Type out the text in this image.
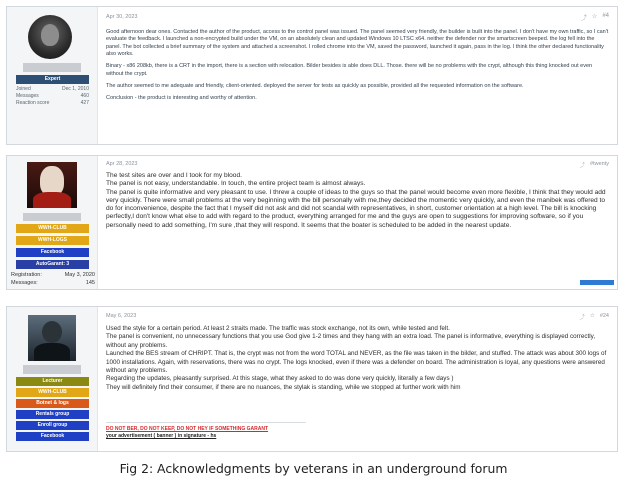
Expert
Joined	Dec 1, 2010
Messages	460
Reaction score	427
Apr 30, 2023	⤴ ☆ #4

Good afternoon dear ones. Contacted the author of the product, access to the control panel was issued. The panel seemed very friendly, the builder is built into the panel. I don't have my own traffic, so I can't evaluate the feedback. I launched a non-encrypted build under the VM, on an absolutely clean and updated Windows 10 LTSC x64. neither the defender nor the smartscreen beeped. the log fell into the panel. The bot collected a brief summary of the system and attached a screenshot. I rolled chrome into the VM, saved the password, launched it again, pass in the log. I think the other declared functionality also works.

Binary - x86 208kb, there is a CRT in the import, there is a section with relocation. Bilder besides is able does DLL. Those. there will be no problems with the crypt, although this thing knocked out even without the crypt.

The author seemed to me adequate and friendly, client-oriented. deployed the server for tests as quickly as possible, provided all the requested information on the software.

Conclusion - the product is interesting and worthy of attention.

WWH-CLUB
WWH-LOGS
Facebook
AutoGarant: 3
Registration:	May 3, 2020
Messages:	145
Apr 28, 2023	⤴ #twenty
The test sites are over and I took for my blood.
The panel is not easy, understandable. In touch, the entire project team is almost always.
The panel is quite informative and very pleasant to use. I threw a couple of ideas to the guys so that the panel would become even more flexible, I think that they would add very quickly. There were small problems at the very beginning with the bill personally with me,they decided the momentic very quickly, and even the manibek was offered to do for inconvenience, despite the fact that I myself did not ask and did not scandal with representatives, in short, customer orientation at a high level. The bill is knocking perfectly,I don't know what else to add with regard to the product, everything arranged for me and the guys are open to suggestions for improving software, so if you personally need to add something, I'm sure ,that they will respond. It seems that the boater is scheduled to be added in the nearest update.
Lecturer
WWH-CLUB
Botnet & logs
Rentals group
Enroll group
Facebook
May 6, 2023	⤴ ☆ #24
Used the style for a certain period. At least 2 straits made. The traffic was stock exchange, not its own, while tested and felt.
The panel is convenient, no unnecessary functions that you use God give 1-2 times and they hang with an extra load. The panel is informative, everything is displayed correctly, without any problems.
Launched the BES stream of CHRIPT. That is, the crypt was not from the word TOTAL and NEVER, as the file was taken in the bilder, and stuffed. The attack was about 300 logs of 1000 installations. Again, with reservations, there was no crypt. The logs knocked, even if there was a defender on board. The administration is loyal, any questions were answered without any problems.
Regarding the updates, pleasantly surprised. At this stage, what they asked to do was done very quickly, literally a few days )
They will definitely find their consumer, if there are no nuances, the stylak is standing, while we stopped at further work with him
DO NOT BER, DO NOT KEEP, DO NOT HEY IF SOMETHING GARANT
your advertisement ( banner ) in signature - hs
Fig 2: Acknowledgments by veterans in an underground forum
